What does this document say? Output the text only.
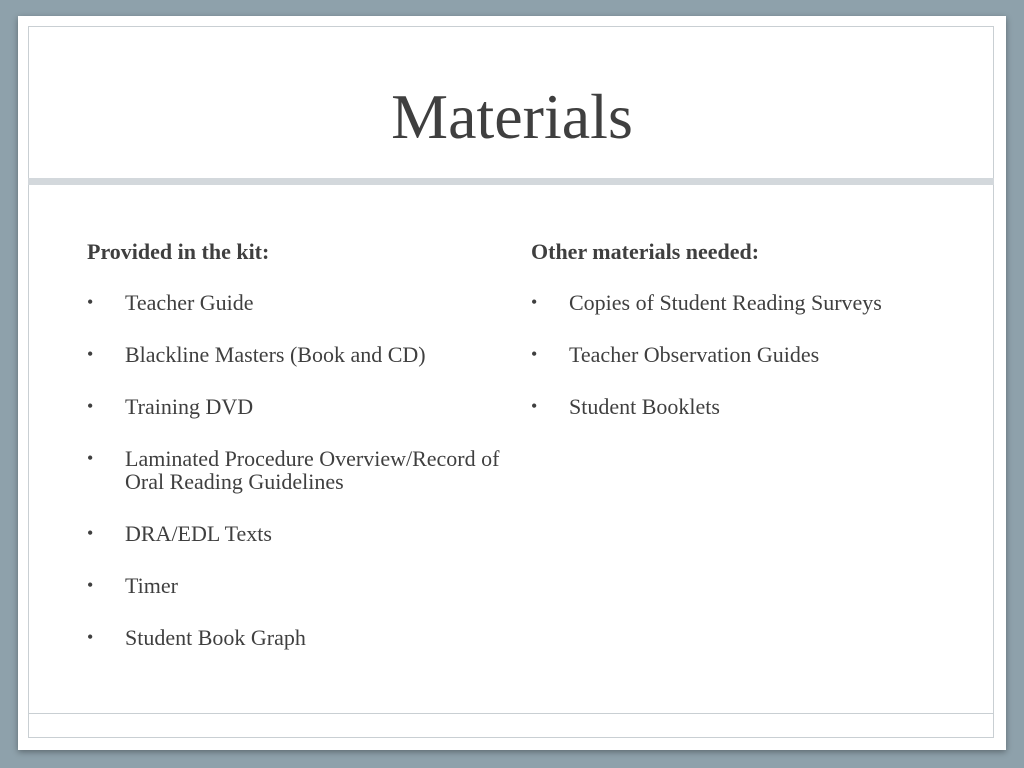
Materials
Provided in the kit:
• Teacher Guide
• Blackline Masters (Book and CD)
• Training DVD
• Laminated Procedure Overview/Record of Oral Reading Guidelines
• DRA/EDL Texts
• Timer
• Student Book Graph
Other materials needed:
• Copies of Student Reading Surveys
• Teacher Observation Guides
• Student Booklets
